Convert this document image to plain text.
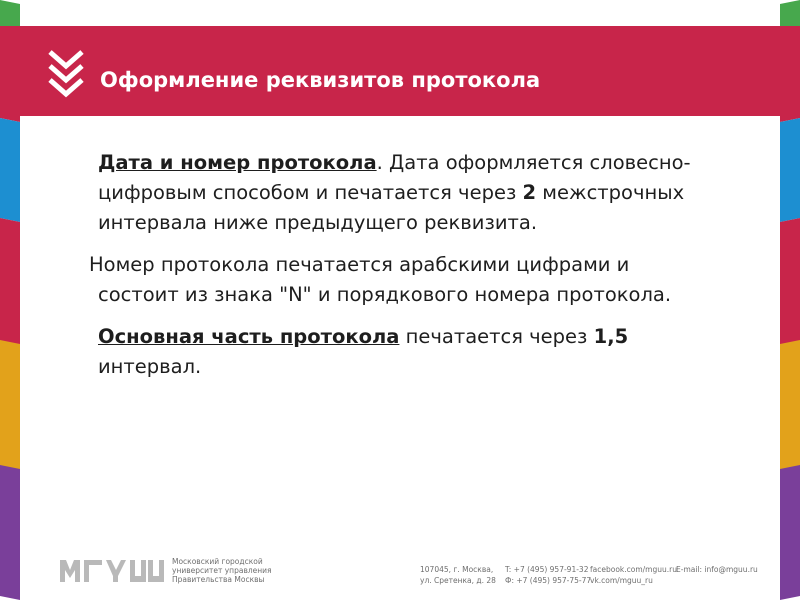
Оформление реквизитов протокола
Дата и номер протокола. Дата оформляется словесно-
цифровым способом и печатается через 2 межстрочных
интервала ниже предыдущего реквизита.
Номер протокола печатается арабскими цифрами и
состоит из знака "N" и порядкового номера протокола.
Основная часть протокола печатается через 1,5
интервал.
Московский городской
университет управления
Правительства Москвы
107045, г. Москва,
ул. Сретенка, д. 28
T: +7 (495) 957-91-32
Ф: +7 (495) 957-75-77
facebook.com/mguu.ru
vk.com/mguu_ru
E-mail: info@mguu.ru
